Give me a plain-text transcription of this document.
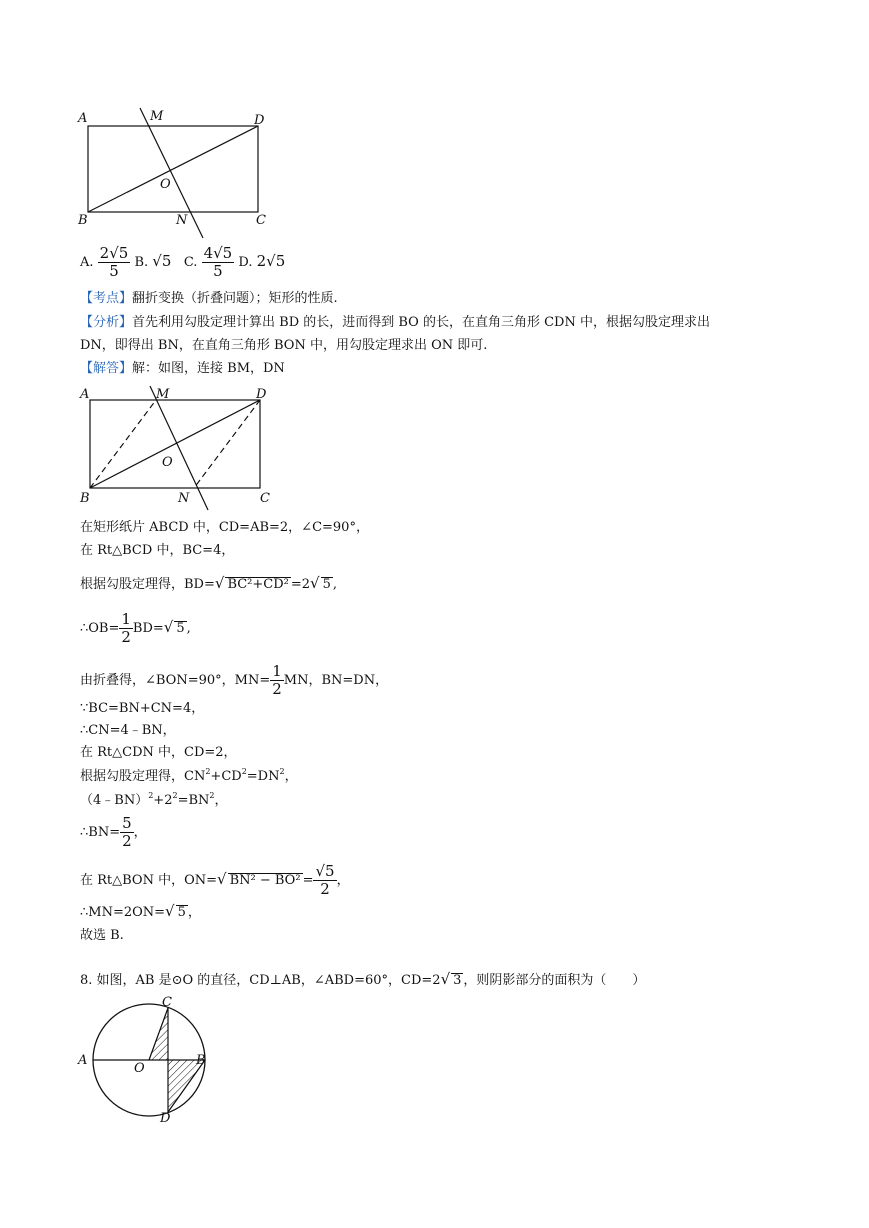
A	M	D
O
B	N	C
A. $\frac{2√5}{5} B$. √5 C. $\frac{4√5}{5} D$. 2√5
【考点】翻折变换（折叠问题）；矩形的性质.
【分析】首先利用勾股定理计算出 BD 的长，进而得到 BO 的长，在直角三角形 CDN 中，根据勾股定理求出
DN，即得出 BN，在直角三角形 BON 中，用勾股定理求出 ON 即可.
【解答】解：如图，连接 BM，DN
A	M	D
O
B	N	C
在矩形纸片 ABCD 中，CD=AB=2，∠C=90°，
在 Rt△BCD 中，BC=4，
根据勾股定理得，BD=√ BC²+CD² =2√ 5 ,
∴OB= $\frac{1}{2} BD=√$ 5 ,
由折叠得，∠BON=90°，$MN= \frac{1}{2}$ MN，BN=DN，
∵BC=BN+CN=4，
∴CN=4﹣BN，
在 Rt△CDN 中，CD=2，
根据勾股定理得，$CN^2+CD^2=DN^2$，
$(4﹣BN)^2+2^2=BN^2$，
∴BN= $\frac{5}{2}$ ，
在 Rt△BON 中，ON=√ $BN^2 - BO^2 = \frac{√5}{2}$ ，
∴MN=2ON=√ 5 ，
故选 B.
8. 如图，AB 是⊙O 的直径，CD⊥AB，∠ABD=60°，CD=2√ 3 ，则阴影部分的面积为（　　）
A
C
O
B
D
